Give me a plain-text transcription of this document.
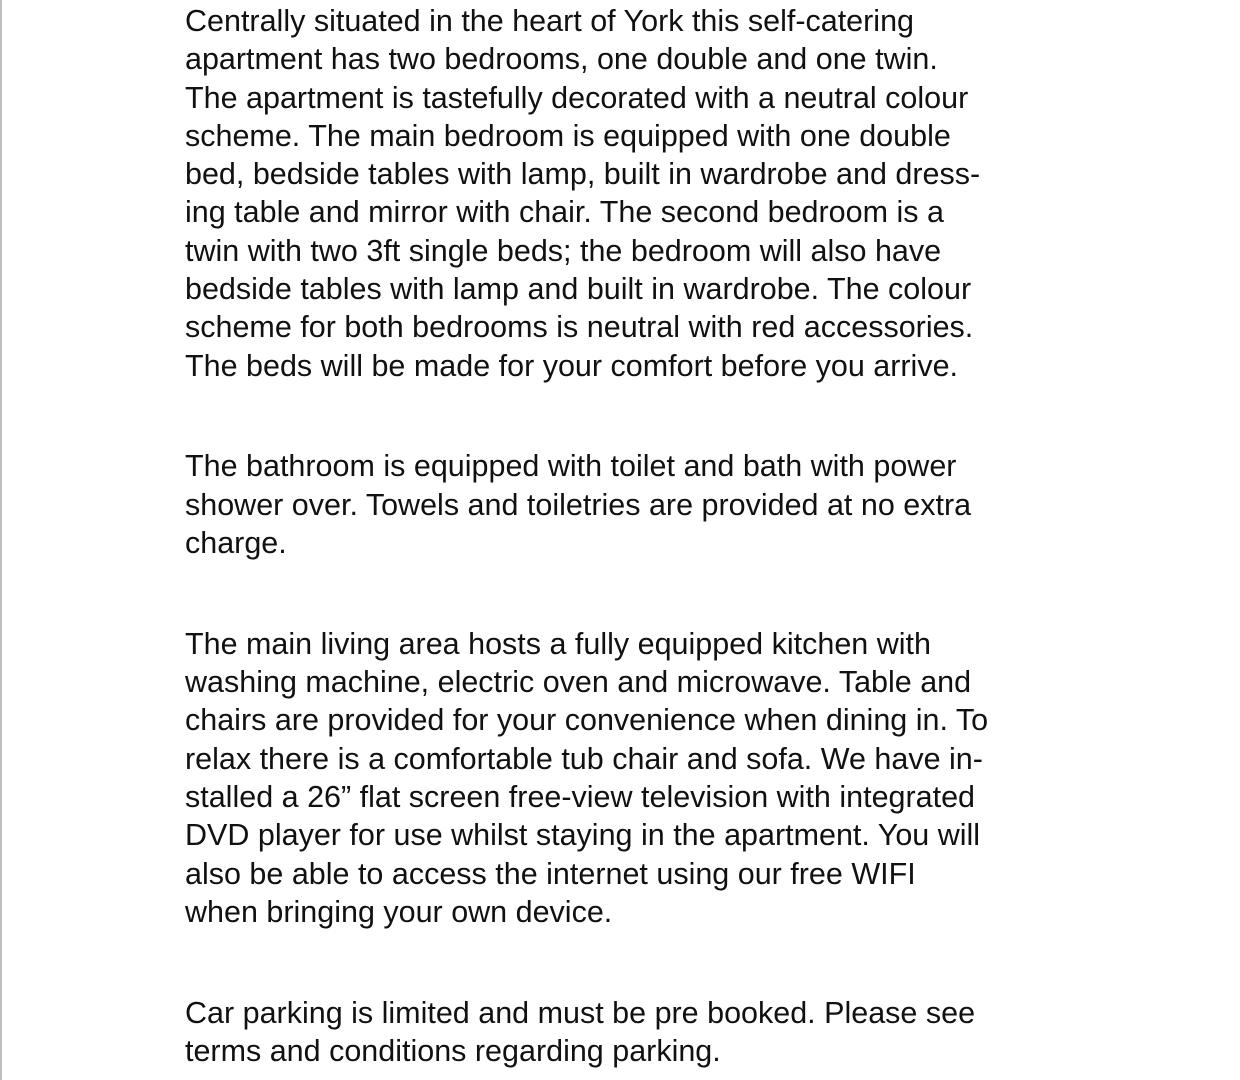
Centrally situated in the heart of York this self-catering

apartment has two bedrooms, one double and one twin.

The apartment is tastefully decorated with a neutral colour

scheme. The main bedroom is equipped with one double

bed, bedside tables with lamp, built in wardrobe and dress-

ing table and mirror with chair. The second bedroom is a

twin with two 3ft single beds; the bedroom will also have

bedside tables with lamp and built in wardrobe. The colour

scheme for both bedrooms is neutral with red accessories.

The beds will be made for your comfort before you arrive.

The bathroom is equipped with toilet and bath with power

shower over. Towels and toiletries are provided at no extra

charge.

The main living area hosts a fully equipped kitchen with

washing machine, electric oven and microwave. Table and

chairs are provided for your convenience when dining in. To

relax there is a comfortable tub chair and sofa. We have in-

stalled a 26” flat screen free-view television with integrated

DVD player for use whilst staying in the apartment. You will

also be able to access the internet using our free WIFI

when bringing your own device.

Car parking is limited and must be pre booked. Please see

terms and conditions regarding parking.
